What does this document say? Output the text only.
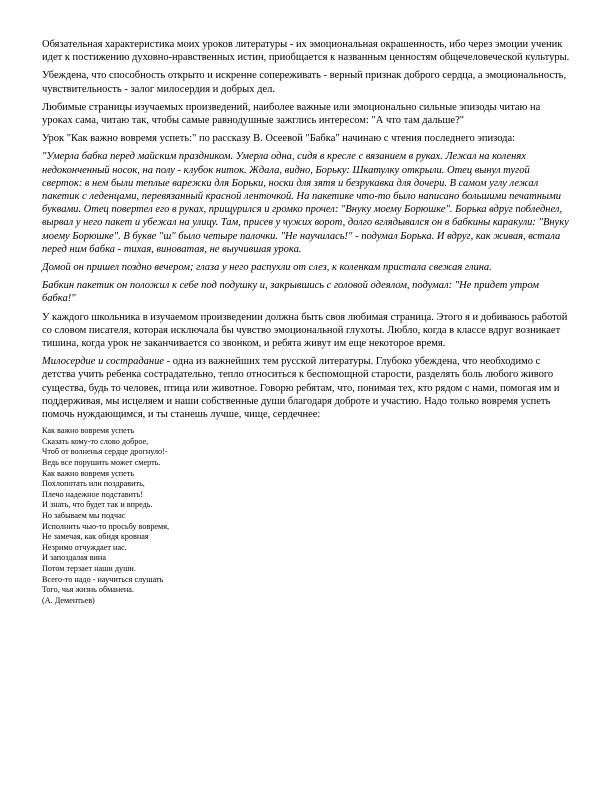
Обязательная характеристика моих уроков литературы - их эмоциональная окрашенность, ибо через эмоции ученик идет к постижению духовно-нравственных истин, приобщается к названным ценностям общечеловеческой культуры.

Убеждена, что способность открыто и искренне сопереживать - верный признак доброго сердца, а эмоциональность, чувствительность - залог милосердия и добрых дел.

Любимые страницы изучаемых произведений, наиболее важные или эмоционально сильные эпизоды читаю на уроках сама, читаю так, чтобы самые равнодушные зажглись интересом: "А что там дальше?"

Урок "Как важно вовремя успеть:" по рассказу В. Осеевой "Бабка" начинаю с чтения последнего эпизода:

"Умерла бабка перед майским праздником. Умерла одна, сидя в кресле с вязанием в руках. Лежал на коленях недоконченный носок, на полу - клубок ниток. Ждала, видно, Борьку: Шкатулку открыли. Отец вынул тугой сверток: в нем были теплые варежки для Борьки, носки для зятя и безрукавка для дочери. В самом углу лежал пакетик с леденцами, перевязанный красной ленточкой. На пакетике что-то было написано большими печатными буквами. Отец повертел его в руках, прищурился и громко прочел: "Внуку моему Борюшке". Борька вдруг побледнел, вырвал у него пакет и убежал на улицу. Там, присев у чужих ворот, долго вглядывался он в бабкины каракули: "Внуку моему Борюшке". В букве "ш" было четыре палочки. "Не научилась!" - подумал Борька. И вдруг, как живая, встала перед ним бабка - тихая, виноватая, не выучившая урока.

Домой он пришел поздно вечером; глаза у него распухли от слез, к коленкам пристала свежая глина.

Бабкин пакетик он положил к себе под подушку и, закрывшись с головой одеялом, подумал: "Не придет утром бабка!"

У каждого школьника в изучаемом произведении должна быть своя любимая страница. Этого я и добиваюсь работой со словом писателя, которая исключала бы чувство эмоциональной глухоты. Любло, когда в классе вдруг возникает тишина, когда урок не заканчивается со звонком, и ребята живут им еще некоторое время.

Милосердие и сострадание - одна из важнейших тем русской литературы. Глубоко убеждена, что необходимо с детства учить ребенка сострадательно, тепло относиться к беспомощной старости, разделять боль любого живого существа, будь то человек, птица или животное. Говорю ребятам, что, понимая тех, кто рядом с нами, помогая им и поддерживая, мы исцеляем и наши собственные души благодаря доброте и участию. Надо только вовремя успеть помочь нуждающимся, и ты станешь лучше, чище, сердечнее:

Как важно вовремя успеть
Сказать кому-то слово доброе,
Чтоб от волненья сердце дрогнуло!-
Ведь все порушить может смерть.
Как важно вовремя успеть
Похлопотать или поздравить,
Плечо надежное подставить!
И знать, что будет так и впредь.
Но забываем мы подчас
Исполнить чью-то просьбу вовремя,
Не замечая, как обидя кровная
Незримо отчуждает нас.
И запоздалая вина
Потом терзает наши души.
Всего-то надо - научиться слушать
Того, чья жизнь обманена.
(А. Дементьев)
